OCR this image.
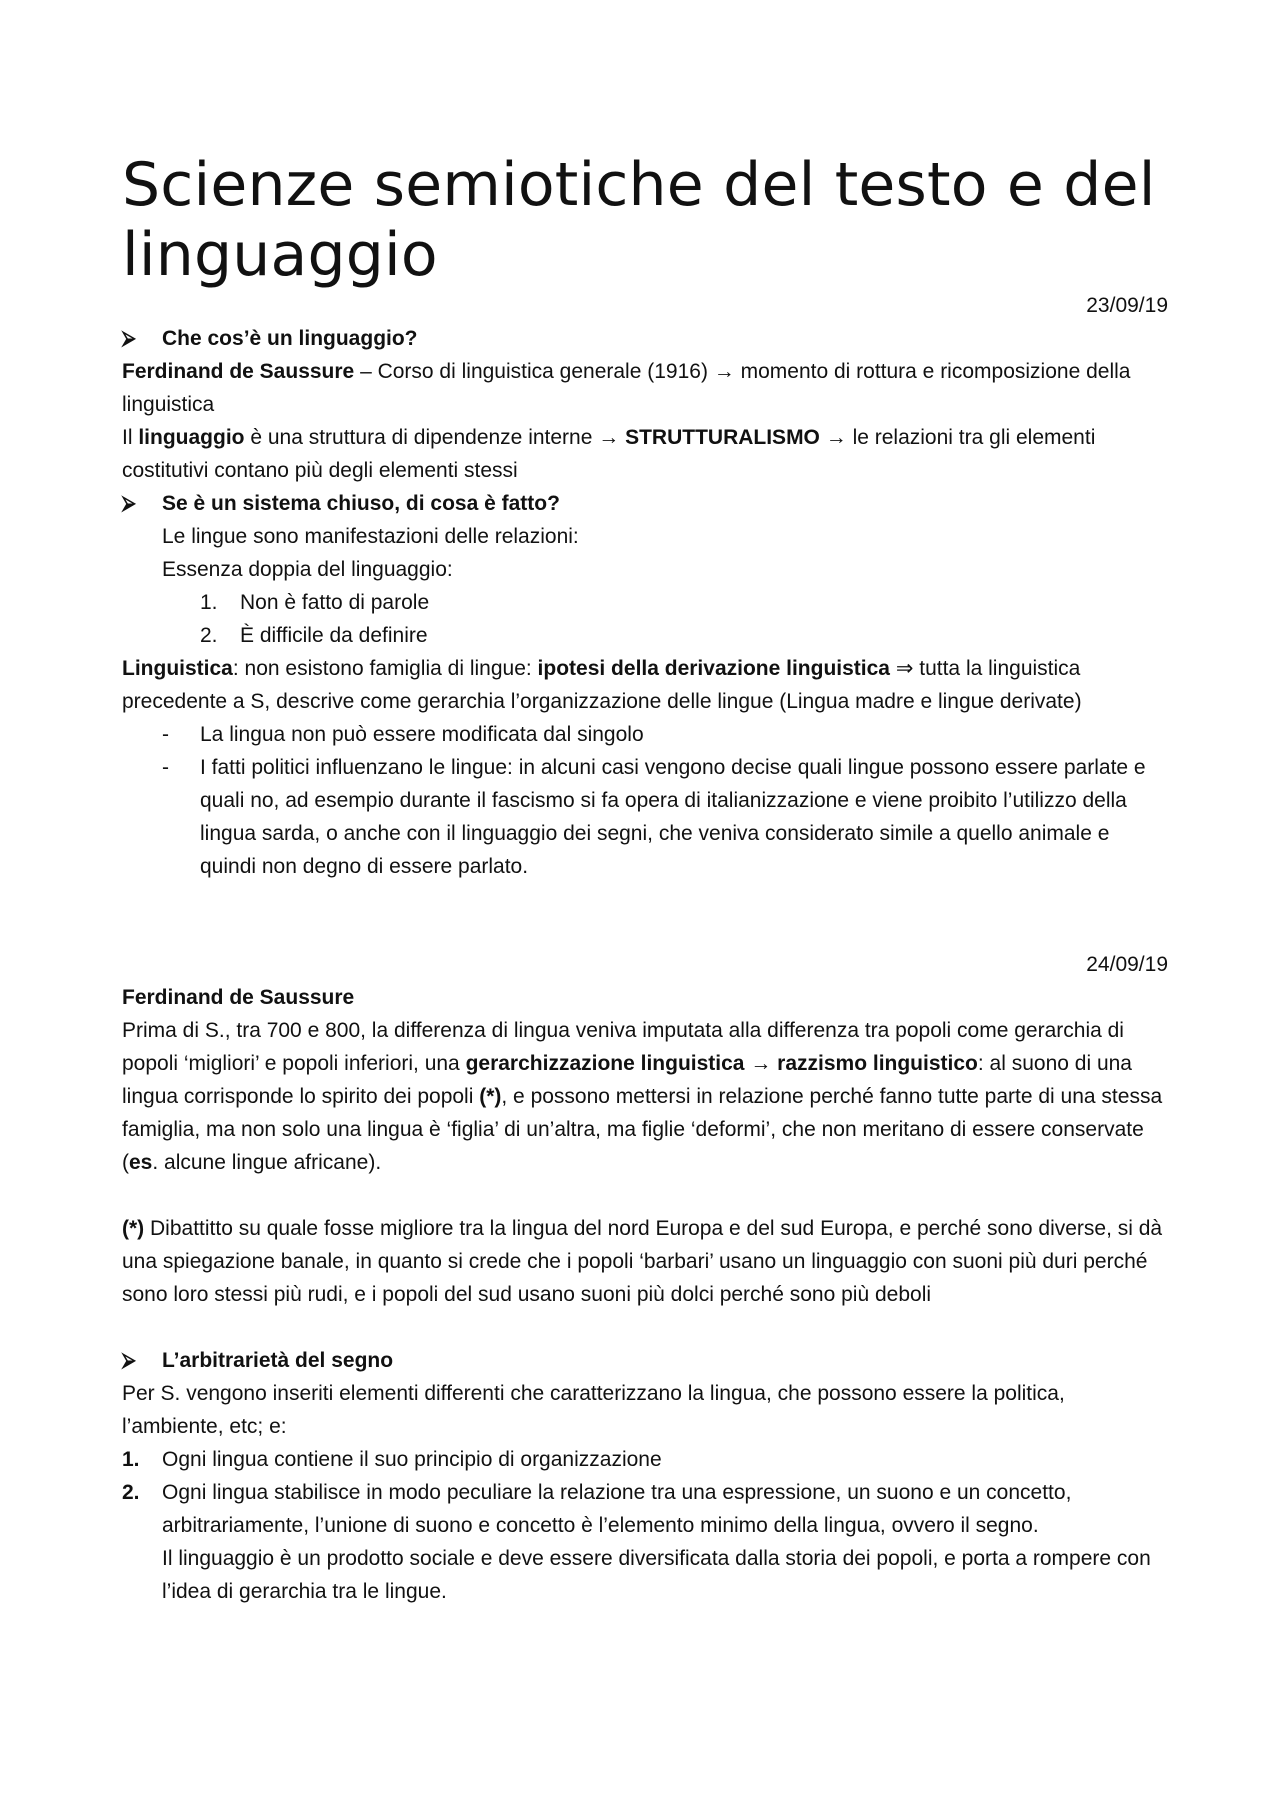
Scienze semiotiche del testo e del linguaggio

23/09/19

⮚ Che cos’è un linguaggio?

Ferdinand de Saussure – Corso di linguistica generale (1916) → momento di rottura e ricomposizione della linguistica

Il linguaggio è una struttura di dipendenze interne → STRUTTURALISMO → le relazioni tra gli elementi costitutivi contano più degli elementi stessi

⮚ Se è un sistema chiuso, di cosa è fatto?

Le lingue sono manifestazioni delle relazioni:

Essenza doppia del linguaggio:

1. Non è fatto di parole
2. È difficile da definire

Linguistica: non esistono famiglia di lingue: ipotesi della derivazione linguistica ⇒ tutta la linguistica precedente a S, descrive come gerarchia l’organizzazione delle lingue (Lingua madre e lingue derivate)

- La lingua non può essere modificata dal singolo
- I fatti politici influenzano le lingue: in alcuni casi vengono decise quali lingue possono essere parlate e quali no, ad esempio durante il fascismo si fa opera di italianizzazione e viene proibito l’utilizzo della lingua sarda, o anche con il linguaggio dei segni, che veniva considerato simile a quello animale e quindi non degno di essere parlato.

24/09/19

Ferdinand de Saussure

Prima di S., tra 700 e 800, la differenza di lingua veniva imputata alla differenza tra popoli come gerarchia di popoli ‘migliori’ e popoli inferiori, una gerarchizzazione linguistica → razzismo linguistico: al suono di una lingua corrisponde lo spirito dei popoli (*), e possono mettersi in relazione perché fanno tutte parte di una stessa famiglia, ma non solo una lingua è ‘figlia’ di un’altra, ma figlie ‘deformi’, che non meritano di essere conservate (es. alcune lingue africane).

(*) Dibattitto su quale fosse migliore tra la lingua del nord Europa e del sud Europa, e perché sono diverse, si dà una spiegazione banale, in quanto si crede che i popoli ‘barbari’ usano un linguaggio con suoni più duri perché sono loro stessi più rudi, e i popoli del sud usano suoni più dolci perché sono più deboli

⮚ L’arbitrarietà del segno

Per S. vengono inseriti elementi differenti che caratterizzano la lingua, che possono essere la politica, l’ambiente, etc; e:

1. Ogni lingua contiene il suo principio di organizzazione
2. Ogni lingua stabilisce in modo peculiare la relazione tra una espressione, un suono e un concetto, arbitrariamente, l’unione di suono e concetto è l’elemento minimo della lingua, ovvero il segno.

Il linguaggio è un prodotto sociale e deve essere diversificata dalla storia dei popoli, e porta a rompere con l’idea di gerarchia tra le lingue.
